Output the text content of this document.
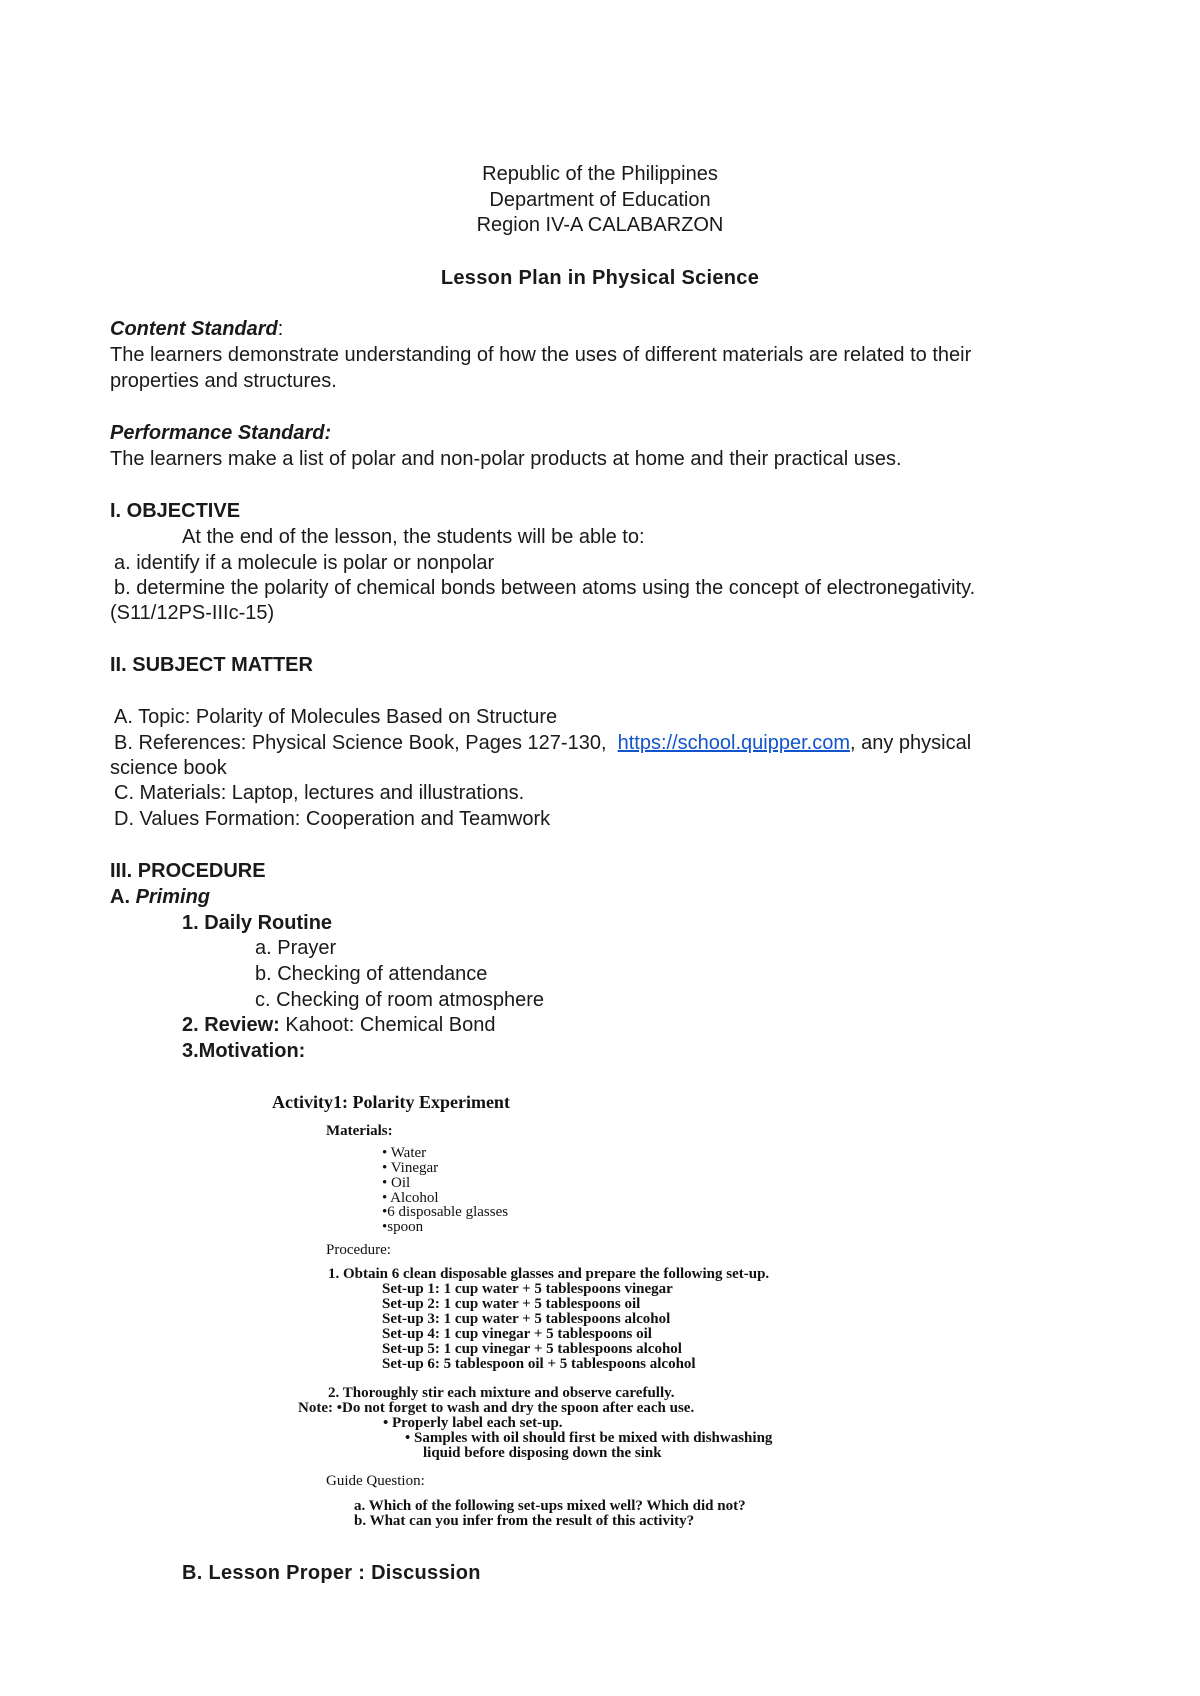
Republic of the Philippines

Department of Education

Region IV-A CALABARZON

Lesson Plan in Physical Science

Content Standard:

The learners demonstrate understanding of how the uses of different materials are related to their

properties and structures.

Performance Standard:

The learners make a list of polar and non-polar products at home and their practical uses.

I. OBJECTIVE

At the end of the lesson, the students will be able to:

a. identify if a molecule is polar or nonpolar

b. determine the polarity of chemical bonds between atoms using the concept of electronegativity.

(S11/12PS-IIIc-15)

II. SUBJECT MATTER

A. Topic: Polarity of Molecules Based on Structure

B. References: Physical Science Book, Pages 127-130, https://school.quipper.com, any physical

science book

C. Materials: Laptop, lectures and illustrations.

D. Values Formation: Cooperation and Teamwork

III. PROCEDURE

A. Priming

1. Daily Routine

a. Prayer

b. Checking of attendance

c. Checking of room atmosphere

2. Review: Kahoot: Chemical Bond

3.Motivation:

Activity1: Polarity Experiment

Materials:

• Water

• Vinegar

• Oil

• Alcohol

•6 disposable glasses

•spoon

Procedure:

1. Obtain 6 clean disposable glasses and prepare the following set-up.

Set-up 1: 1 cup water + 5 tablespoons vinegar

Set-up 2: 1 cup water + 5 tablespoons oil

Set-up 3: 1 cup water + 5 tablespoons alcohol

Set-up 4: 1 cup vinegar + 5 tablespoons oil

Set-up 5: 1 cup vinegar + 5 tablespoons alcohol

Set-up 6: 5 tablespoon oil + 5 tablespoons alcohol

2. Thoroughly stir each mixture and observe carefully.

Note: •Do not forget to wash and dry the spoon after each use.

• Properly label each set-up.

• Samples with oil should first be mixed with dishwashing

liquid before disposing down the sink

Guide Question:

a. Which of the following set-ups mixed well? Which did not?

b. What can you infer from the result of this activity?

B. Lesson Proper : Discussion
